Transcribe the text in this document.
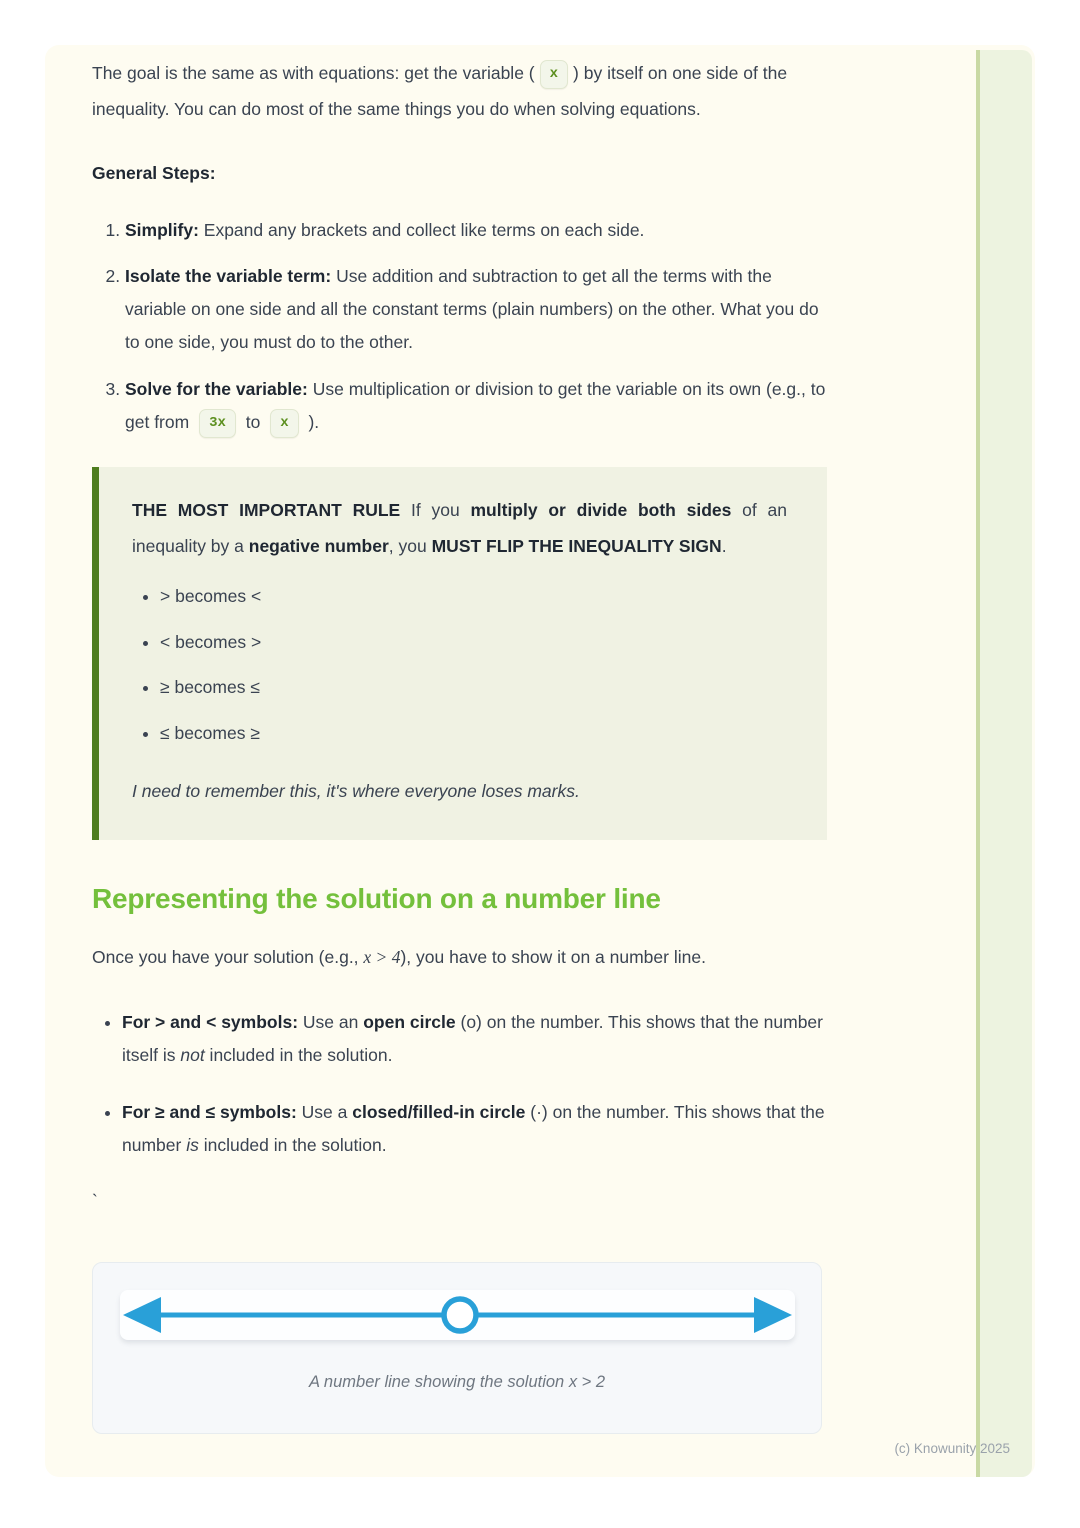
The goal is the same as with equations: get the variable ( x ) by itself on one side of the inequality. You can do most of the same things you do when solving equations.

General Steps:

1. Simplify: Expand any brackets and collect like terms on each side.
2. Isolate the variable term: Use addition and subtraction to get all the terms with the variable on one side and all the constant terms (plain numbers) on the other. What you do to one side, you must do to the other.
3. Solve for the variable: Use multiplication or division to get the variable on its own (e.g., to get from 3x to x ).

THE MOST IMPORTANT RULE If you multiply or divide both sides of an inequality by a negative number, you MUST FLIP THE INEQUALITY SIGN.

• > becomes <
• < becomes >
• ≥ becomes ≤
• ≤ becomes ≥

I need to remember this, it's where everyone loses marks.

Representing the solution on a number line

Once you have your solution (e.g., x > 4), you have to show it on a number line.

• For > and < symbols: Use an open circle (o) on the number. This shows that the number itself is not included in the solution.
• For ≥ and ≤ symbols: Use a closed/filled-in circle (·) on the number. This shows that the number is included in the solution.

`

A number line showing the solution x > 2
(c) Knowunity 2025
